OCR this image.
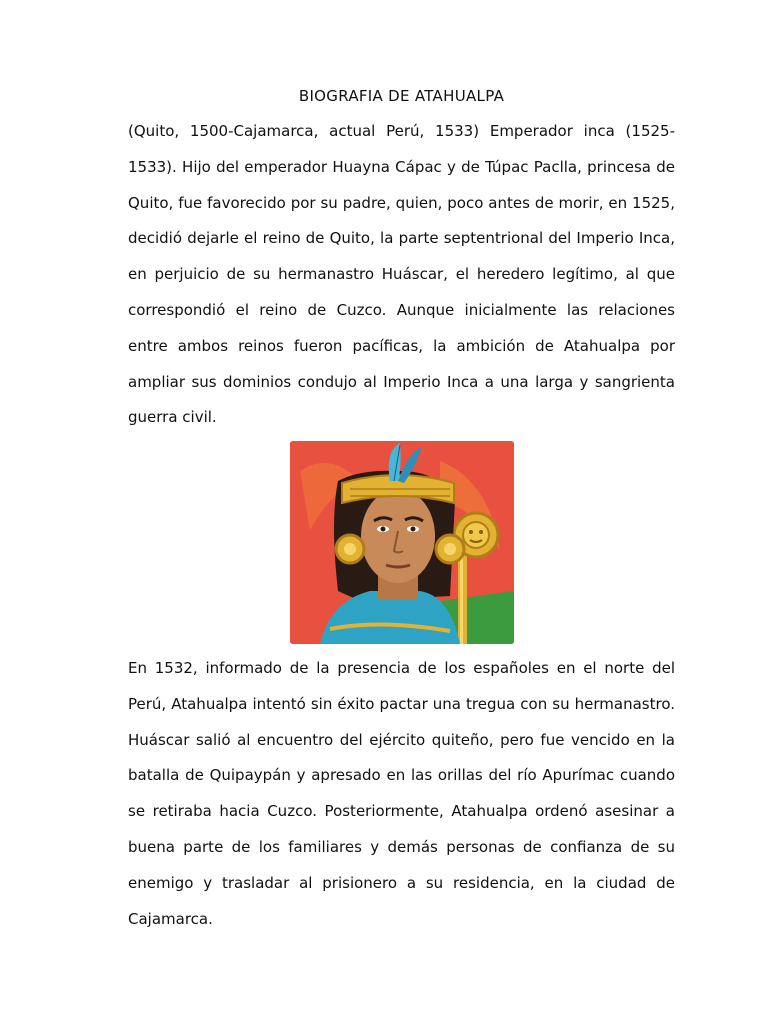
BIOGRAFIA DE ATAHUALPA

(Quito, 1500-Cajamarca, actual Perú, 1533) Emperador inca (1525-1533). Hijo del emperador Huayna Cápac y de Túpac Paclla, princesa de Quito, fue favorecido por su padre, quien, poco antes de morir, en 1525, decidió dejarle el reino de Quito, la parte septentrional del Imperio Inca, en perjuicio de su hermanastro Huáscar, el heredero legítimo, al que correspondió el reino de Cuzco. Aunque inicialmente las relaciones entre ambos reinos fueron pacíficas, la ambición de Atahualpa por ampliar sus dominios condujo al Imperio Inca a una larga y sangrienta guerra civil.

En 1532, informado de la presencia de los españoles en el norte del Perú, Atahualpa intentó sin éxito pactar una tregua con su hermanastro. Huáscar salió al encuentro del ejército quiteño, pero fue vencido en la batalla de Quipaypán y apresado en las orillas del río Apurímac cuando se retiraba hacia Cuzco. Posteriormente, Atahualpa ordenó asesinar a buena parte de los familiares y demás personas de confianza de su enemigo y trasladar al prisionero a su residencia, en la ciudad de Cajamarca.
